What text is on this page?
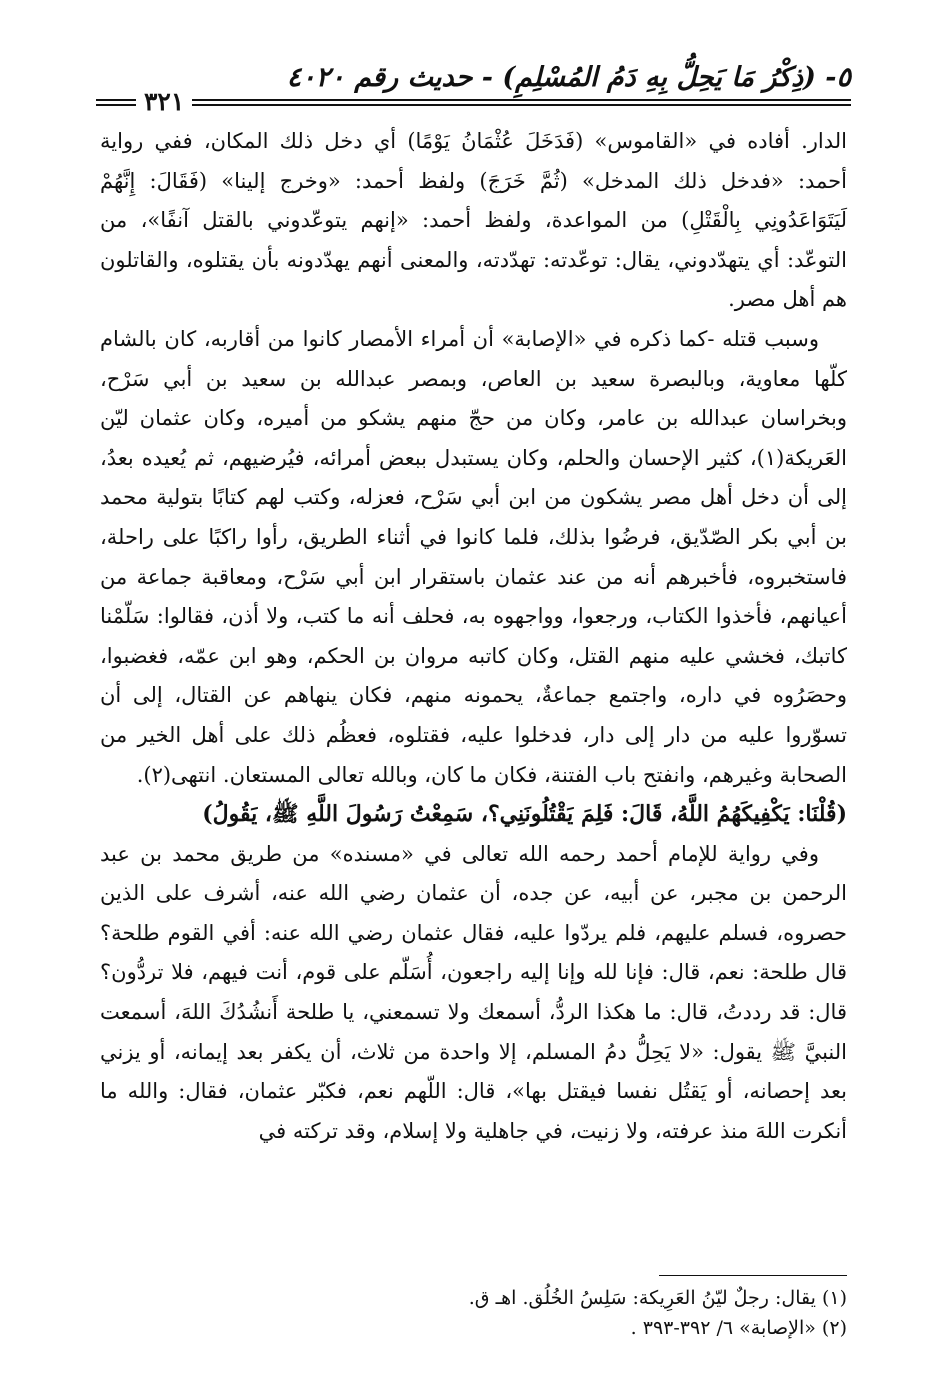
٥- (ذِكْرُ مَا يَحِلُّ بِهِ دَمُ المُسْلِمِ) - حديث رقم ٤٠٢٠
٣٢١

الدار. أفاده في «القاموس» (فَدَخَلَ عُثْمَانُ يَوْمًا) أي دخل ذلك المكان، ففي رواية أحمد: «فدخل ذلك المدخل» (ثُمَّ خَرَجَ) ولفظ أحمد: «وخرج إلينا» (فَقَالَ: إِنَّهُمْ لَيَتَوَاعَدُونِي بِالْقَتْلِ) من المواعدة، ولفظ أحمد: «إنهم يتوعّدوني بالقتل آنفًا»، من التوعّد: أي يتهدّدوني، يقال: توعّدته: تهدّدته، والمعنى أنهم يهدّدونه بأن يقتلوه، والقاتلون هم أهل مصر.

وسبب قتله -كما ذكره في «الإصابة» أن أمراء الأمصار كانوا من أقاربه، كان بالشام كلّها معاوية، وبالبصرة سعيد بن العاص، وبمصر عبدالله بن سعيد بن أبي سَرْح، وبخراسان عبدالله بن عامر، وكان من حجّ منهم يشكو من أميره، وكان عثمان ليّن العَريكة(١)، كثير الإحسان والحلم، وكان يستبدل ببعض أمرائه، فيُرضيهم، ثم يُعيده بعدُ، إلى أن دخل أهل مصر يشكون من ابن أبي سَرْح، فعزله، وكتب لهم كتابًا بتولية محمد بن أبي بكر الصّدّيق، فرضُوا بذلك، فلما كانوا في أثناء الطريق، رأوا راكبًا على راحلة، فاستخبروه، فأخبرهم أنه من عند عثمان باستقرار ابن أبي سَرْح، ومعاقبة جماعة من أعيانهم، فأخذوا الكتاب، ورجعوا، وواجهوه به، فحلف أنه ما كتب، ولا أذن، فقالوا: سَلّمْنا كاتبك، فخشي عليه منهم القتل، وكان كاتبه مروان بن الحكم، وهو ابن عمّه، فغضبوا، وحصَرُوه في داره، واجتمع جماعةٌ، يحمونه منهم، فكان ينهاهم عن القتال، إلى أن تسوّروا عليه من دار إلى دار، فدخلوا عليه، فقتلوه، فعظُم ذلك على أهل الخير من الصحابة وغيرهم، وانفتح باب الفتنة، فكان ما كان، وبالله تعالى المستعان. انتهى(٢).

(قُلْنَا: يَكْفِيكَهُمُ اللَّهُ، قَالَ: فَلِمَ يَقْتُلُونَنِي؟، سَمِعْتُ رَسُولَ اللَّهِ ﷺ، يَقُولُ)

وفي رواية للإمام أحمد رحمه الله تعالى في «مسنده» من طريق محمد بن عبد الرحمن بن مجبر، عن أبيه، عن جده، أن عثمان رضي الله عنه، أشرف على الذين حصروه، فسلم عليهم، فلم يردّوا عليه، فقال عثمان رضي الله عنه: أفي القوم طلحة؟ قال طلحة: نعم، قال: فإنا لله وإنا إليه راجعون، أُسَلّم على قوم، أنت فيهم، فلا تردُّون؟ قال: قد رددتُ، قال: ما هكذا الردُّ، أسمعك ولا تسمعني، يا طلحة أَنشُدُكَ اللهَ، أسمعت النبيَّ ﷺ يقول: «لا يَحِلُّ دمُ المسلم، إلا واحدة من ثلاث، أن يكفر بعد إيمانه، أو يزني بعد إحصانه، أو يَقتُل نفسا فيقتل بها»، قال: اللّهم نعم، فكبّر عثمان، فقال: والله ما أنكرت اللهَ منذ عرفته، ولا زنيت، في جاهلية ولا إسلام، وقد تركته في

(١) يقال: رجلٌ ليّنُ العَرِيكة: سَلِسُ الخُلُق. اهـ ق.

(٢) «الإصابة» ٦/ ٣٩٢-٣٩٣ .
